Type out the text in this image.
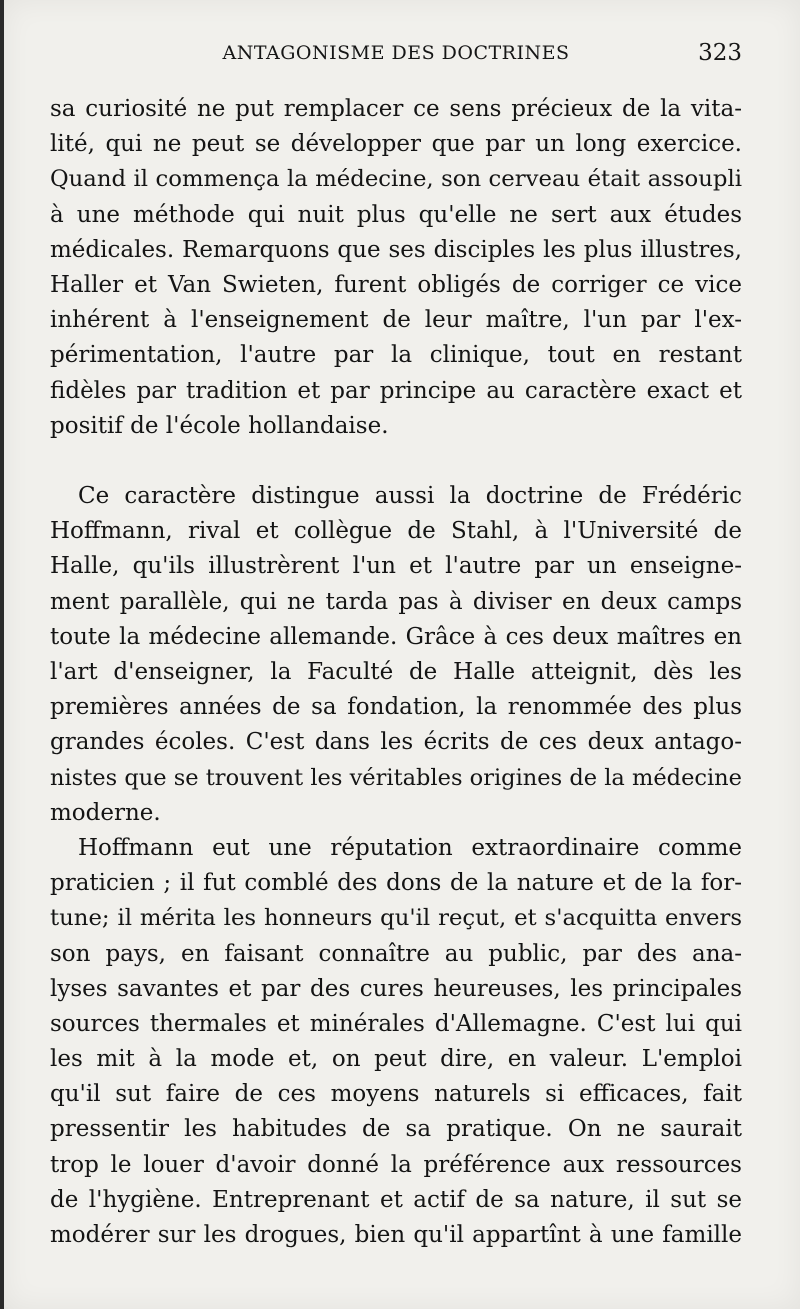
ANTAGONISME DES DOCTRINES	323
sa curiosité ne put remplacer ce sens précieux de la vita-
lité, qui ne peut se développer que par un long exercice.
Quand il commença la médecine, son cerveau était assoupli
à une méthode qui nuit plus qu'elle ne sert aux études
médicales. Remarquons que ses disciples les plus illustres,
Haller et Van Swieten, furent obligés de corriger ce vice
inhérent à l'enseignement de leur maître, l'un par l'ex-
périmentation, l'autre par la clinique, tout en restant
fidèles par tradition et par principe au caractère exact et
positif de l'école hollandaise.
Ce caractère distingue aussi la doctrine de Frédéric
Hoffmann, rival et collègue de Stahl, à l'Université de
Halle, qu'ils illustrèrent l'un et l'autre par un enseigne-
ment parallèle, qui ne tarda pas à diviser en deux camps
toute la médecine allemande. Grâce à ces deux maîtres en
l'art d'enseigner, la Faculté de Halle atteignit, dès les
premières années de sa fondation, la renommée des plus
grandes écoles. C'est dans les écrits de ces deux antago-
nistes que se trouvent les véritables origines de la médecine
moderne.
Hoffmann eut une réputation extraordinaire comme
praticien ; il fut comblé des dons de la nature et de la for-
tune; il mérita les honneurs qu'il reçut, et s'acquitta envers
son pays, en faisant connaître au public, par des ana-
lyses savantes et par des cures heureuses, les principales
sources thermales et minérales d'Allemagne. C'est lui qui
les mit à la mode et, on peut dire, en valeur. L'emploi
qu'il sut faire de ces moyens naturels si efficaces, fait
pressentir les habitudes de sa pratique. On ne saurait
trop le louer d'avoir donné la préférence aux ressources
de l'hygiène. Entreprenant et actif de sa nature, il sut se
modérer sur les drogues, bien qu'il appartînt à une famille
